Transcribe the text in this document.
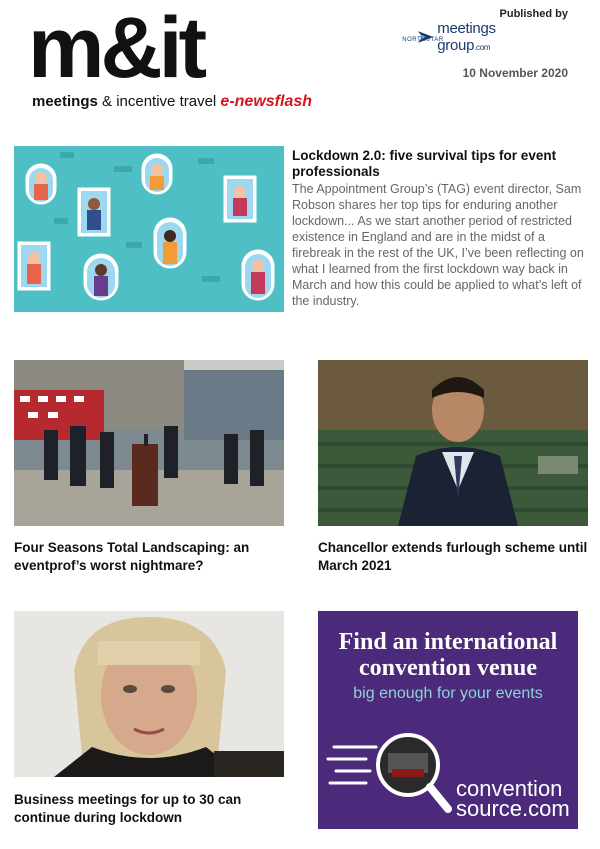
m&it
meetings & incentive travel e-newsflash
Published by
meetings group.com$^{NORTHSTAR}$
10 November 2020
Lockdown 2.0: five survival tips for event professionals
The Appointment Group’s (TAG) event director, Sam Robson shares her top tips for enduring another lockdown... As we start another period of restricted existence in England and are in the midst of a firebreak in the rest of the UK, I’ve been reflecting on what I learned from the first lockdown way back in March and how this could be applied to what’s left of the industry.
Four Seasons Total Landscaping: an eventprof’s worst nightmare?
Chancellor extends furlough scheme until March 2021
Business meetings for up to 30 can continue during lockdown
Find an international
convention venue
big enough for your events
convention
source.com
